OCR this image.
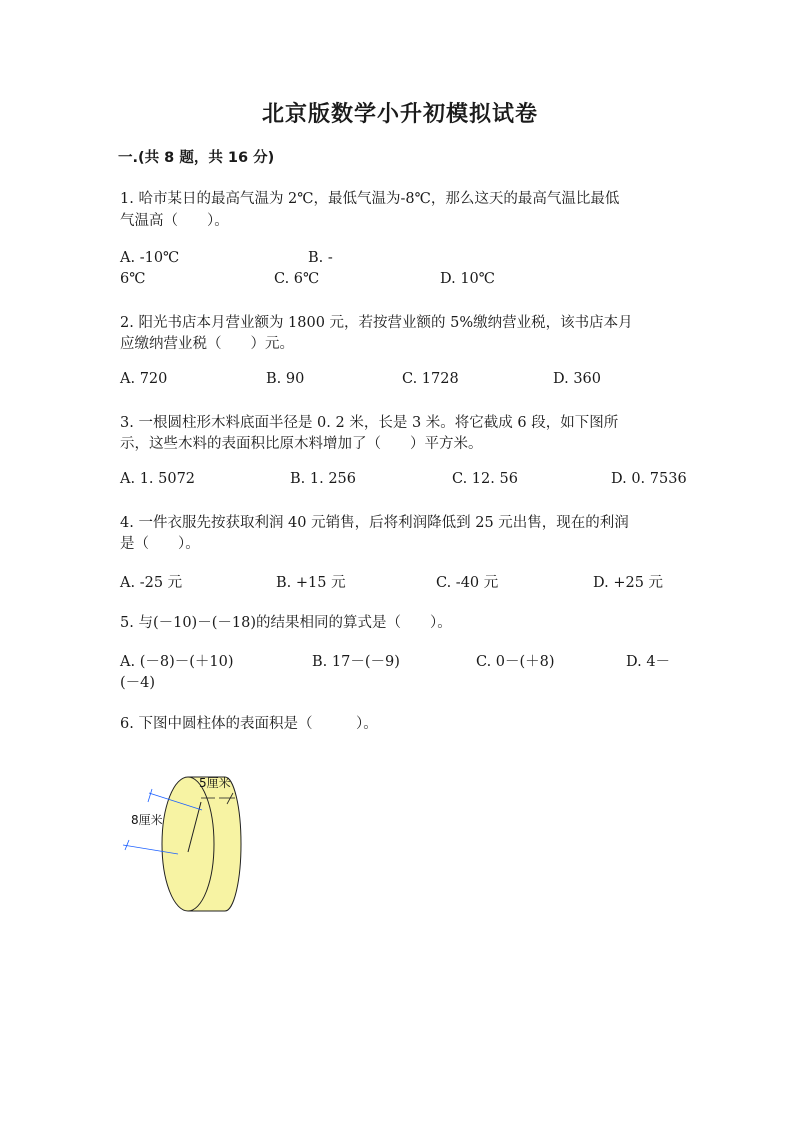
北京版数学小升初模拟试卷
一.(共 8 题，共 16 分)
1. 哈市某日的最高气温为 2℃，最低气温为-8℃，那么这天的最高气温比最低
气温高（　　）。
A. -10℃	B. -
6℃	C. 6℃	D. 10℃
2. 阳光书店本月营业额为 1800 元，若按营业额的 5%缴纳营业税，该书店本月
应缴纳营业税（　　）元。
A. 720	B. 90	C. 1728	D. 360
3. 一根圆柱形木料底面半径是 0. 2 米，长是 3 米。将它截成 6 段，如下图所
示，这些木料的表面积比原木料增加了（　　）平方米。
A. 1. 5072	B. 1. 256	C. 12. 56	D. 0. 7536
4. 一件衣服先按获取利润 40 元销售，后将利润降低到 25 元出售，现在的利润
是（　　）。
A. -25 元	B. +15 元	C. -40 元	D. +25 元
5. 与(－10)－(－18)的结果相同的算式是（　　）。
A. (－8)－(＋10)	B. 17－(－9)	C. 0－(＋8)	D. 4－
(－4)
6. 下图中圆柱体的表面积是（　　　）。
5厘米
8厘米
